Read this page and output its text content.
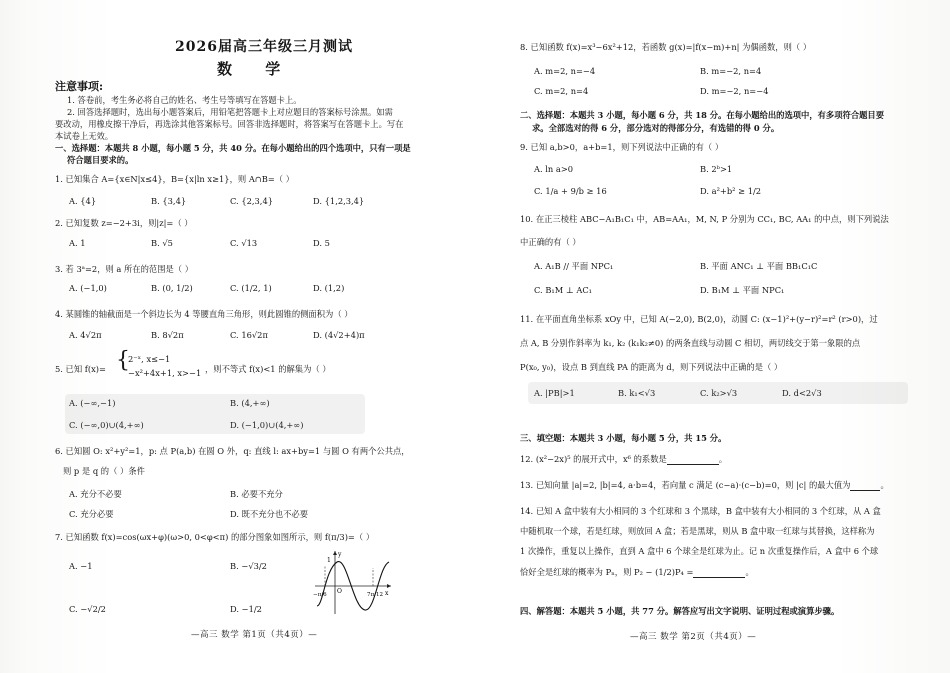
2026届高三年级三月测试
数 学
注意事项:
1. 答卷前，考生务必将自己的姓名、考生号等填写在答题卡上。
2. 回答选择题时，选出每小题答案后，用铅笔把答题卡上对应题目的答案标号涂黑。如需
要改动，用橡皮擦干净后，再选涂其他答案标号。回答非选择题时，将答案写在答题卡上。写在
本试卷上无效。
一、选择题：本题共 8 小题，每小题 5 分，共 40 分。在每小题给出的四个选项中，只有一项是
符合题目要求的。
1. 已知集合 A={x∈N|x≤4}，B={x|ln x≥1}，则 A∩B=（ ）
A. {4}	B. {3,4}	C. {2,3,4}	D. {1,2,3,4}
2. 已知复数 z=−2+3i，则|z|=（ ）
A. 1	B. √5	C. √13	D. 5
3. 若 3ᵃ=2，则 a 所在的范围是（ ）
A. (−1,0)	B. (0, 1/2)	C. (1/2, 1)	D. (1,2)
4. 某圆锥的轴截面是一个斜边长为 4 等腰直角三角形，则此圆锥的侧面积为（ ）
A. 4√2π	B. 8√2π	C. 16√2π	D. (4√2+4)π
5. 已知 f(x)= {
2⁻ˣ, x≤−1
−x²+4x+1, x>−1 ，则不等式 f(x)<1 的解集为（ ）
A. (−∞,−1)	B. (4,+∞)
C. (−∞,0)∪(4,+∞)	D. (−1,0)∪(4,+∞)
6. 已知圆 O: x²+y²=1，p: 点 P(a,b) 在圆 O 外，q: 直线 l: ax+by=1 与圆 O 有两个公共点，
则 p 是 q 的（ ）条件
A. 充分不必要	B. 必要不充分
C. 充分必要	D. 既不充分也不必要
7. 已知函数 f(x)=cos(ωx+φ)(ω>0, 0<φ<π) 的部分图象如图所示，则 f(π/3)=（ ）
A. −1	B. −√3/2
C. −√2/2	D. −1/2
1
O	x
y
−π/6	7π/12
—高三 数学 第1页（共4页）—
8. 已知函数 f(x)=x³−6x²+12，若函数 g(x)=|f(x−m)+n| 为偶函数，则（ ）
A. m=2, n=−4	B. m=−2, n=4
C. m=2, n=4	D. m=−2, n=−4
二、选择题：本题共 3 小题，每小题 6 分，共 18 分。在每小题给出的选项中，有多项符合题目要
求。全部选对的得 6 分，部分选对的得部分分，有选错的得 0 分。
9. 已知 a,b>0，a+b=1，则下列说法中正确的有（ ）
A. ln a>0	B. 2ᵇ>1
C. 1/a + 9/b ≥ 16	D. a²+b² ≥ 1/2
10. 在正三棱柱 ABC−A₁B₁C₁ 中，AB=AA₁，M, N, P 分别为 CC₁, BC, AA₁ 的中点，则下列说法
中正确的有（ ）
A. A₁B // 平面 NPC₁	B. 平面 ANC₁ ⊥ 平面 BB₁C₁C
C. B₁M ⊥ AC₁	D. B₁M ⊥ 平面 NPC₁
11. 在平面直角坐标系 xOy 中，已知 A(−2,0), B(2,0)，动圆 C: (x−1)²+(y−r)²=r² (r>0)，过
点 A, B 分别作斜率为 k₁, k₂ (k₁k₂≠0) 的两条直线与动圆 C 相切，两切线交于第一象限的点
P(x₀, y₀)，设点 B 到直线 PA 的距离为 d，则下列说法中正确的是（ ）
A. |PB|>1	B. k₁<√3	C. k₂>√3	D. d<2√3
三、填空题：本题共 3 小题，每小题 5 分，共 15 分。
12. (x²−2x)⁵ 的展开式中，x⁶ 的系数是	。
13. 已知向量 |a|=2, |b|=4, a·b=4，若向量 c 满足 (c−a)·(c−b)=0，则 |c| 的最大值为	。
14. 已知 A 盒中装有大小相同的 3 个红球和 3 个黑球，B 盒中装有大小相同的 3 个红球，从 A 盒
中随机取一个球，若是红球，则放回 A 盒；若是黑球，则从 B 盒中取一红球与其替换，这样称为
1 次操作，重复以上操作，直到 A 盒中 6 个球全是红球为止。记 n 次重复操作后，A 盒中 6 个球
恰好全是红球的概率为 Pₙ，则 P₂ − (1/2)P₄ =	。
四、解答题：本题共 5 小题，共 77 分。解答应写出文字说明、证明过程或演算步骤。
—高三 数学 第2页（共4页）—
